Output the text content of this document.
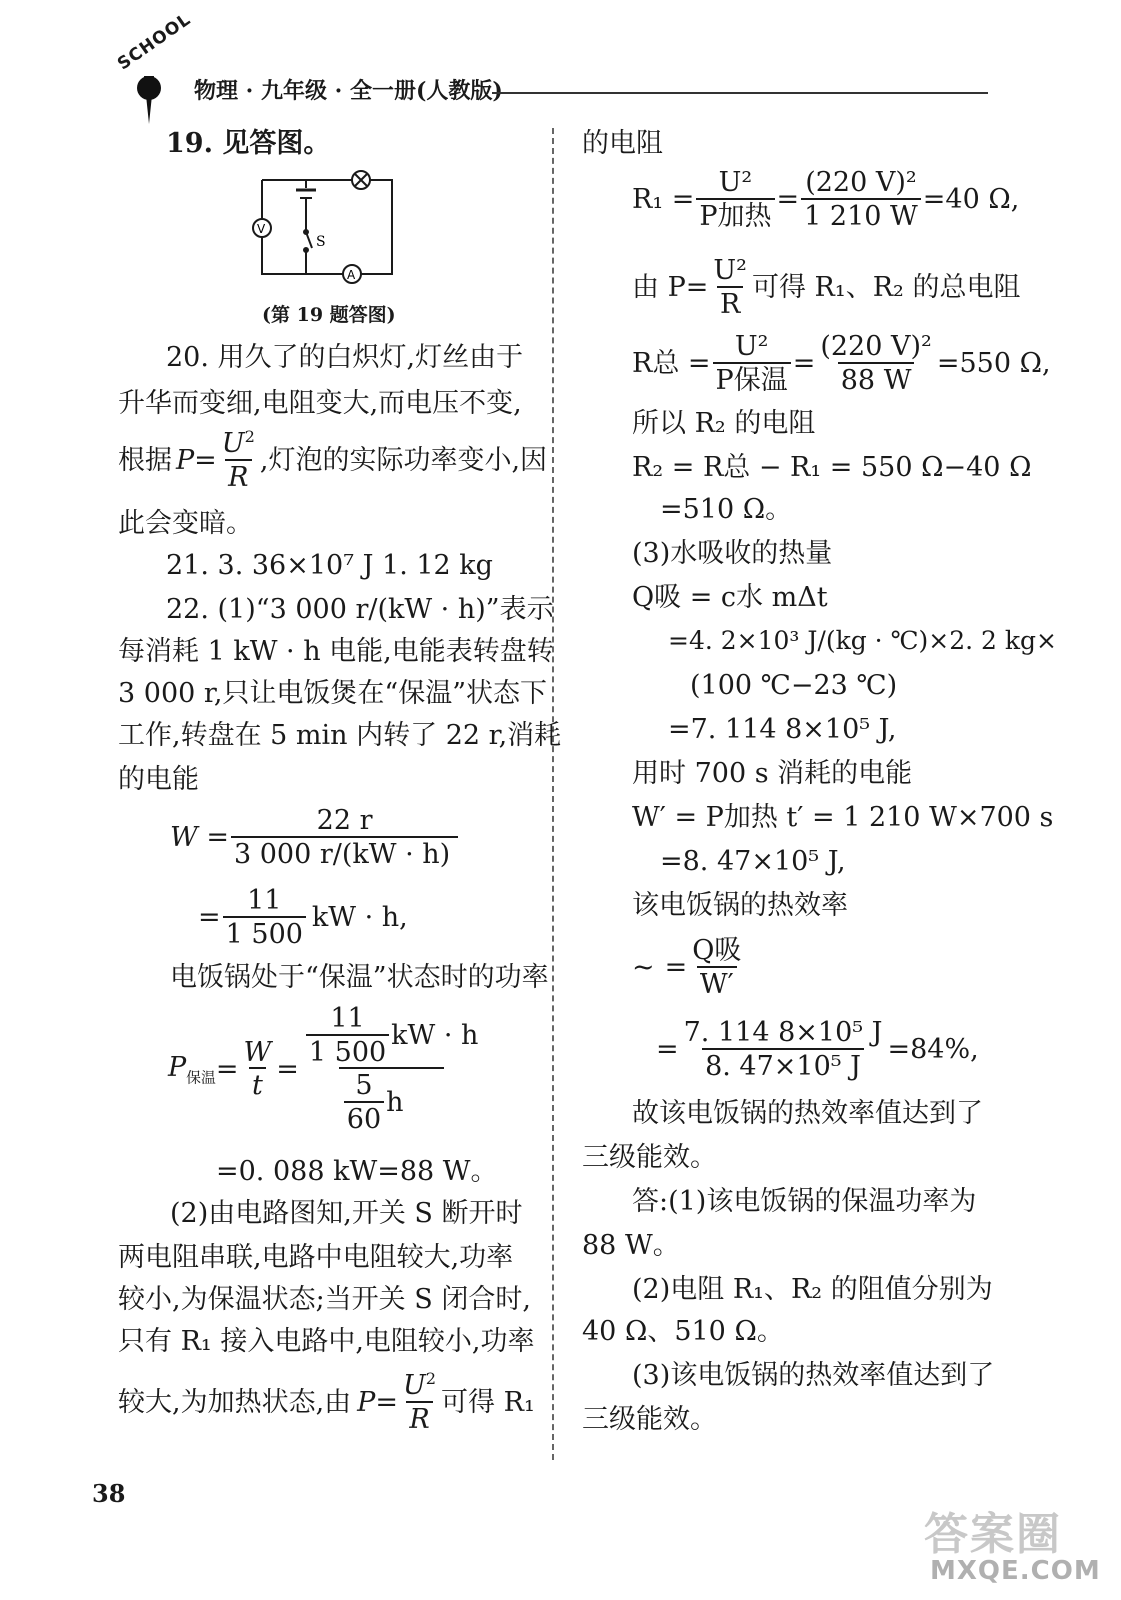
SCHOOL
物理 · 九年级 · 全一册(人教版)
19. 见答图。
S
V
A
(第 19 题答图)
20. 用久了的白炽灯,灯丝由于
升华而变细,电阻变大,而电压不变,
根据 $P = \frac{U^2}{R}$ ,灯泡的实际功率变小,因
此会变暗。
21. 3. 36×10⁷ J 1. 12 kg
22. (1)“3 000 r/(kW · h)”表示
每消耗 1 kW · h 电能,电能表转盘转
3 000 r,只让电饭煲在“保温”状态下
工作,转盘在 5 min 内转了 22 r,消耗
的电能
$W = \frac{22 r}{3 000 r/(kW \cdot h)}$
= $\frac{11}{1 500}$ kW · h,
电饭锅处于“保温”状态时的功率
$P_{保温} = \frac{W}{t} = \frac{\frac{11}{1 500} kW \cdot h}{\frac{5}{60} h}$
=0. 088 kW=88 W。
(2)由电路图知,开关 S 断开时
两电阻串联,电路中电阻较大,功率
较小,为保温状态;当开关 S 闭合时,
只有 R₁ 接入电路中,电阻较小,功率
较大,为加热状态,由 $P = \frac{U^2}{R}$ 可得 R₁
的电阻
$R_1 = \frac{\text{U²}}{\text{P加热}} = \frac{\text{(220 V)²}}{1 210 W} =40$ Ω,
由 $P= \frac{\text{U²}}{R}$ 可得 R₁、R₂ 的总电阻
R总 = $\frac{\text{U²}}{\text{P保温}} = \frac{\text{(220 V)²}}{88 W} =550$ Ω,
所以 R₂ 的电阻
R₂ = R总 − R₁ = 550 Ω−40 Ω
=510 Ω。
(3)水吸收的热量
Q吸 = c水 mΔt
=4. 2×10³ J/(kg · ℃)×2. 2 kg×
(100 ℃−23 ℃)
=7. 114 8×10⁵ J,
用时 700 s 消耗的电能
W′ = P加热 t′ = 1 210 W×700 s
=8. 47×10⁵ J,
该电饭锅的热效率
~ = $\frac{\text{Q吸}}{W'}$
= $\frac{\text{7. 114 8×10⁵ J}}{\text{8. 47×10⁵ J}} =84\%$,
故该电饭锅的热效率值达到了
三级能效。
答:(1)该电饭锅的保温功率为
88 W。
(2)电阻 R₁、R₂ 的阻值分别为
40 Ω、510 Ω。
(3)该电饭锅的热效率值达到了
三级能效。
38
答案圈
MXQE.COM
